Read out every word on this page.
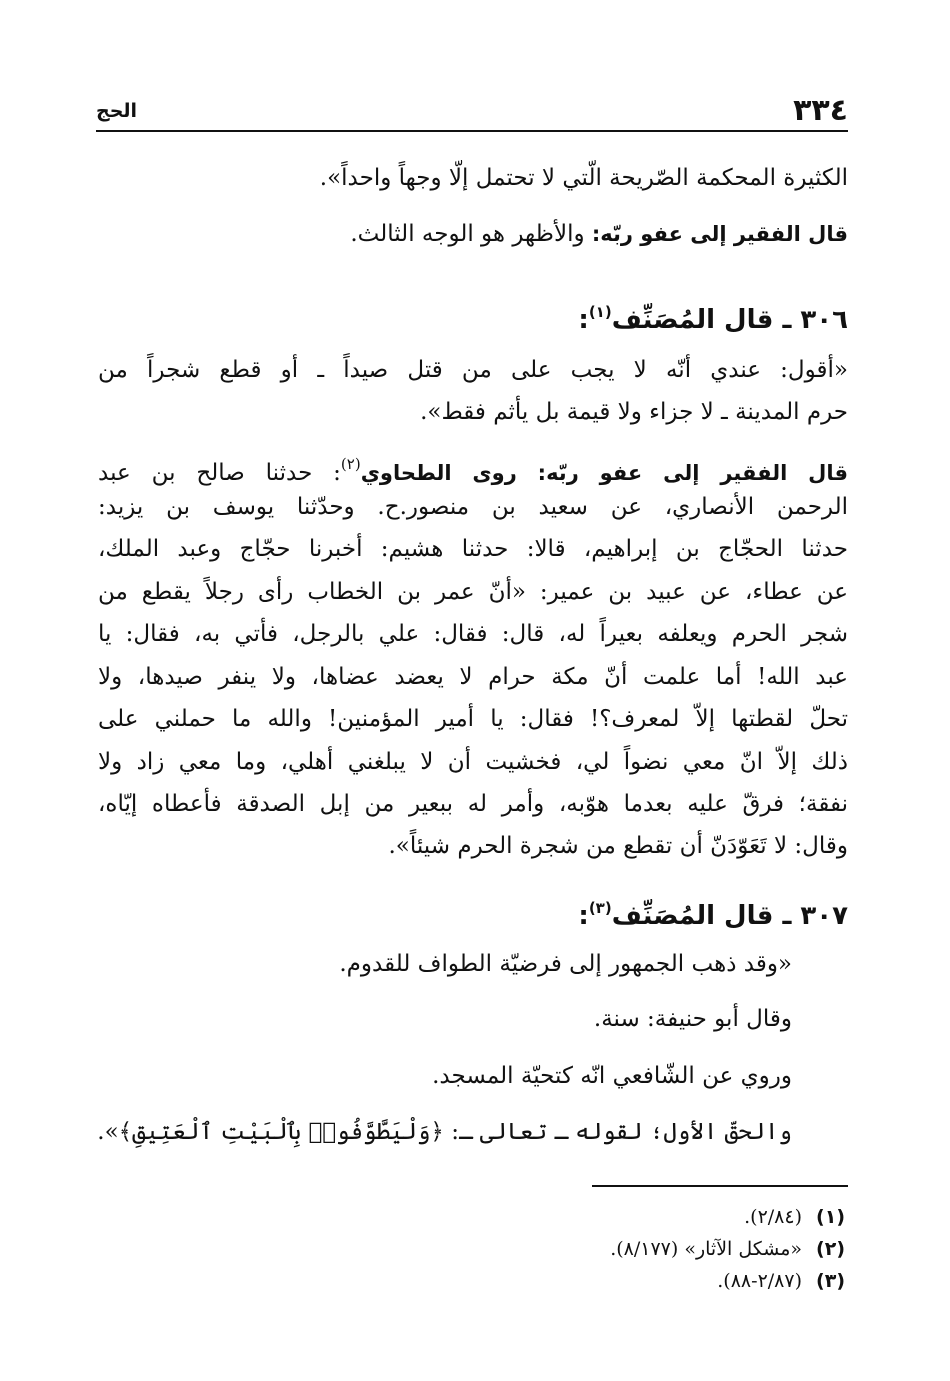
٣٣٤
الحج
الكثيرة المحكمة الصّريحة الّتي لا تحتمل إلّا وجهاً واحداً».
قال الفقير إلى عفو ربّه: والأظهر هو الوجه الثالث.
٣٠٦ ـ قال المُصَنِّف$^{(١)}$:
«أقول: عندي أنّه لا يجب على من قتل صيداً ـ أو قطع شجراً من
حرم المدينة ـ لا جزاء ولا قيمة بل يأثم فقط».
قال الفقير إلى عفو ربّه: روى الطحاوي$^{(٢)}$: حدثنا صالح بن عبد
الرحمن الأنصاري، عن سعيد بن منصور.ح. وحدّثنا يوسف بن يزيد:
حدثنا الحجّاج بن إبراهيم، قالا: حدثنا هشيم: أخبرنا حجّاج وعبد الملك،
عن عطاء، عن عبيد بن عمير: «أنّ عمر بن الخطاب رأى رجلاً يقطع من
شجر الحرم ويعلفه بعيراً له، قال: فقال: علي بالرجل، فأتي به، فقال: يا
عبد الله! أما علمت أنّ مكة حرام لا يعضد عضاها، ولا ينفر صيدها، ولا
تحلّ لقطتها إلاّ لمعرف؟! فقال: يا أمير المؤمنين! والله ما حملني على
ذلك إلاّ انّ معي نضواً لي، فخشيت أن لا يبلغني أهلي، وما معي زاد ولا
نفقة؛ فرقّ عليه بعدما هوّبه، وأمر له ببعير من إبل الصدقة فأعطاه إيّاه،
وقال: لا تَعَوّدَنّ أن تقطع من شجرة الحرم شيئاً».
٣٠٧ ـ قال المُصَنِّف$^{(٣)}$:
«وقد ذهب الجمهور إلى فرضيّة الطواف للقدوم.
وقال أبو حنيفة: سنة.
وروي عن الشّافعي انّه كتحيّة المسجد.
والحقّ الأول؛ لقوله ـ تعالى ـ: ﴿وَلْيَطَّوَّفُوا۟ بِٱلْبَيْتِ ٱلْعَتِيقِ﴾».
(١)(٢/٨٤).
(٢)«مشكل الآثار» (٨/١٧٧).
(٣)(٢/٨٧-٨٨).
